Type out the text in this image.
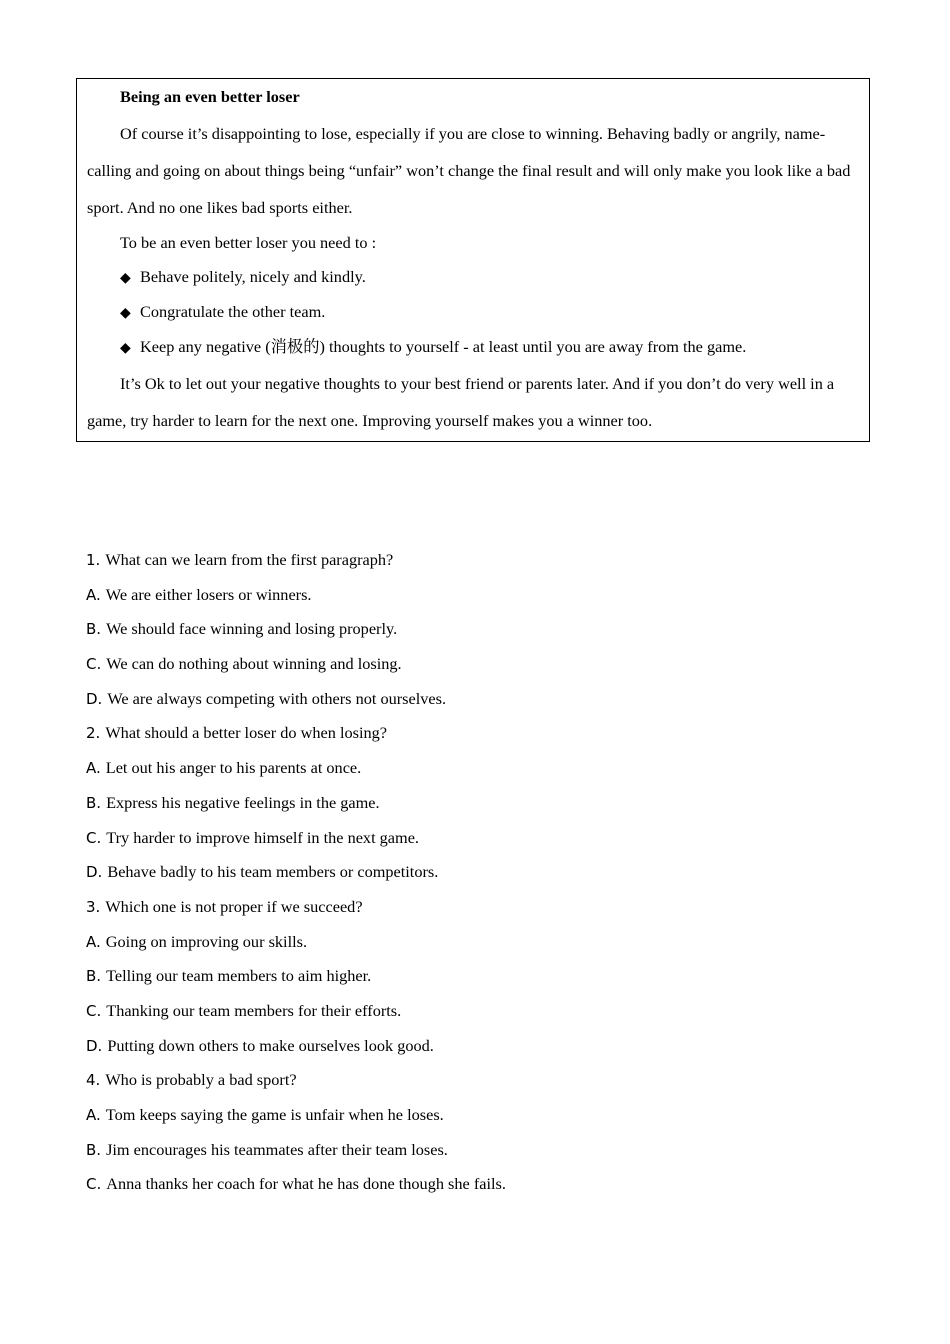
Being an even better loser

Of course it’s disappointing to lose, especially if you are close to winning. Behaving badly or angrily, name-calling and going on about things being “unfair” won’t change the final result and will only make you look like a bad sport. And no one likes bad sports either.

To be an even better loser you need to :

◆ Behave politely, nicely and kindly.

◆ Congratulate the other team.

◆ Keep any negative (消极的) thoughts to yourself - at least until you are away from the game.

It’s Ok to let out your negative thoughts to your best friend or parents later. And if you don’t do very well in a game, try harder to learn for the next one. Improving yourself makes you a winner too.

1. What can we learn from the first paragraph?
A. We are either losers or winners.
B. We should face winning and losing properly.
C. We can do nothing about winning and losing.
D. We are always competing with others not ourselves.
2. What should a better loser do when losing?
A. Let out his anger to his parents at once.
B. Express his negative feelings in the game.
C. Try harder to improve himself in the next game.
D. Behave badly to his team members or competitors.
3. Which one is not proper if we succeed?
A. Going on improving our skills.
B. Telling our team members to aim higher.
C. Thanking our team members for their efforts.
D. Putting down others to make ourselves look good.
4. Who is probably a bad sport?
A. Tom keeps saying the game is unfair when he loses.
B. Jim encourages his teammates after their team loses.
C. Anna thanks her coach for what he has done though she fails.
